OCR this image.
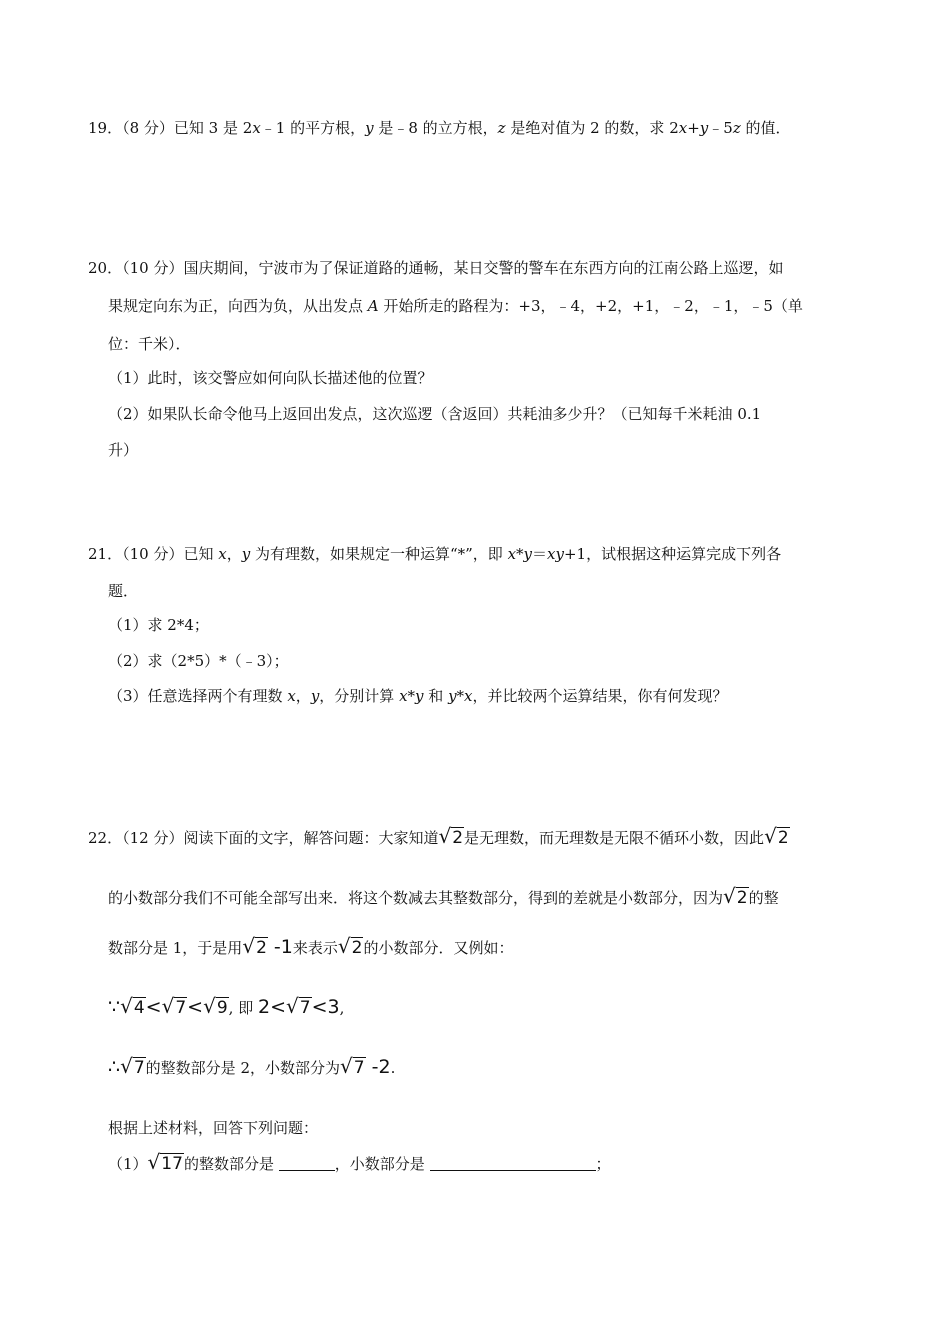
19．（8 分）已知 3 是 2x﹣1 的平方根，y 是﹣8 的立方根，z 是绝对值为 2 的数，求 2x+y﹣5z 的值．
20．（10 分）国庆期间，宁波市为了保证道路的通畅，某日交警的警车在东西方向的江南公路上巡逻，如
果规定向东为正，向西为负，从出发点 A 开始所走的路程为：+3，﹣4，+2，+1，﹣2，﹣1，﹣5（单
位：千米）．
（1）此时，该交警应如何向队长描述他的位置？
（2）如果队长命令他马上返回出发点，这次巡逻（含返回）共耗油多少升？（已知每千米耗油 0.1
升）
21．（10 分）已知 x，y 为有理数，如果规定一种运算“*”，即 x*y＝xy+1，试根据这种运算完成下列各
题．
（1）求 2*4；
（2）求（2*5）*（﹣3）；
（3）任意选择两个有理数 x，y，分别计算 x*y 和 y*x，并比较两个运算结果，你有何发现？
22．（12 分）阅读下面的文字，解答问题：大家知道√2是无理数，而无理数是无限不循环小数，因此√2
的小数部分我们不可能全部写出来．将这个数减去其整数部分，得到的差就是小数部分，因为√2的整
数部分是 1，于是用√2 -1来表示√2的小数部分．又例如：
∵√4<√7<√9, 即 2<√7<3,
∴√7的整数部分是 2，小数部分为√7 -2.
根据上述材料，回答下列问题：
（1）√17的整数部分是	，小数部分是	；
